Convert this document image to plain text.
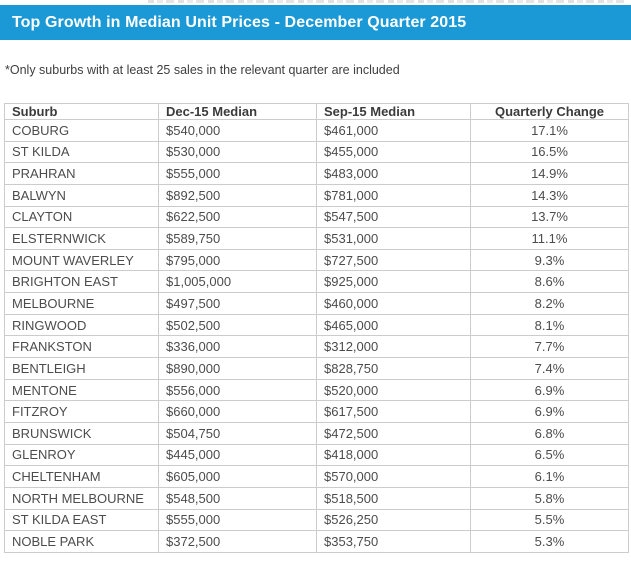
Top Growth in Median Unit Prices - December Quarter 2015
*Only suburbs with at least 25 sales in the relevant quarter are included
Suburb	Dec-15 Median	Sep-15 Median	Quarterly Change
COBURG	$540,000	$461,000	17.1%
ST KILDA	$530,000	$455,000	16.5%
PRAHRAN	$555,000	$483,000	14.9%
BALWYN	$892,500	$781,000	14.3%
CLAYTON	$622,500	$547,500	13.7%
ELSTERNWICK	$589,750	$531,000	11.1%
MOUNT WAVERLEY	$795,000	$727,500	9.3%
BRIGHTON EAST	$1,005,000	$925,000	8.6%
MELBOURNE	$497,500	$460,000	8.2%
RINGWOOD	$502,500	$465,000	8.1%
FRANKSTON	$336,000	$312,000	7.7%
BENTLEIGH	$890,000	$828,750	7.4%
MENTONE	$556,000	$520,000	6.9%
FITZROY	$660,000	$617,500	6.9%
BRUNSWICK	$504,750	$472,500	6.8%
GLENROY	$445,000	$418,000	6.5%
CHELTENHAM	$605,000	$570,000	6.1%
NORTH MELBOURNE	$548,500	$518,500	5.8%
ST KILDA EAST	$555,000	$526,250	5.5%
NOBLE PARK	$372,500	$353,750	5.3%
